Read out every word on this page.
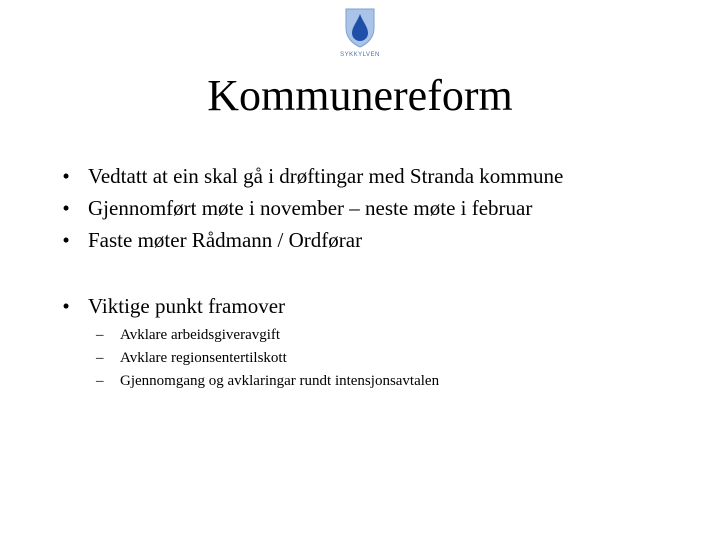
SYKKYLVEN
Kommunereform
• Vedtatt at ein skal gå i drøftingar med Stranda kommune
• Gjennomført møte i november – neste møte i februar
• Faste møter Rådmann / Ordførar
• Viktige punkt framover
– Avklare arbeidsgiveravgift
– Avklare regionsentertilskott
– Gjennomgang og avklaringar rundt intensjonsavtalen
